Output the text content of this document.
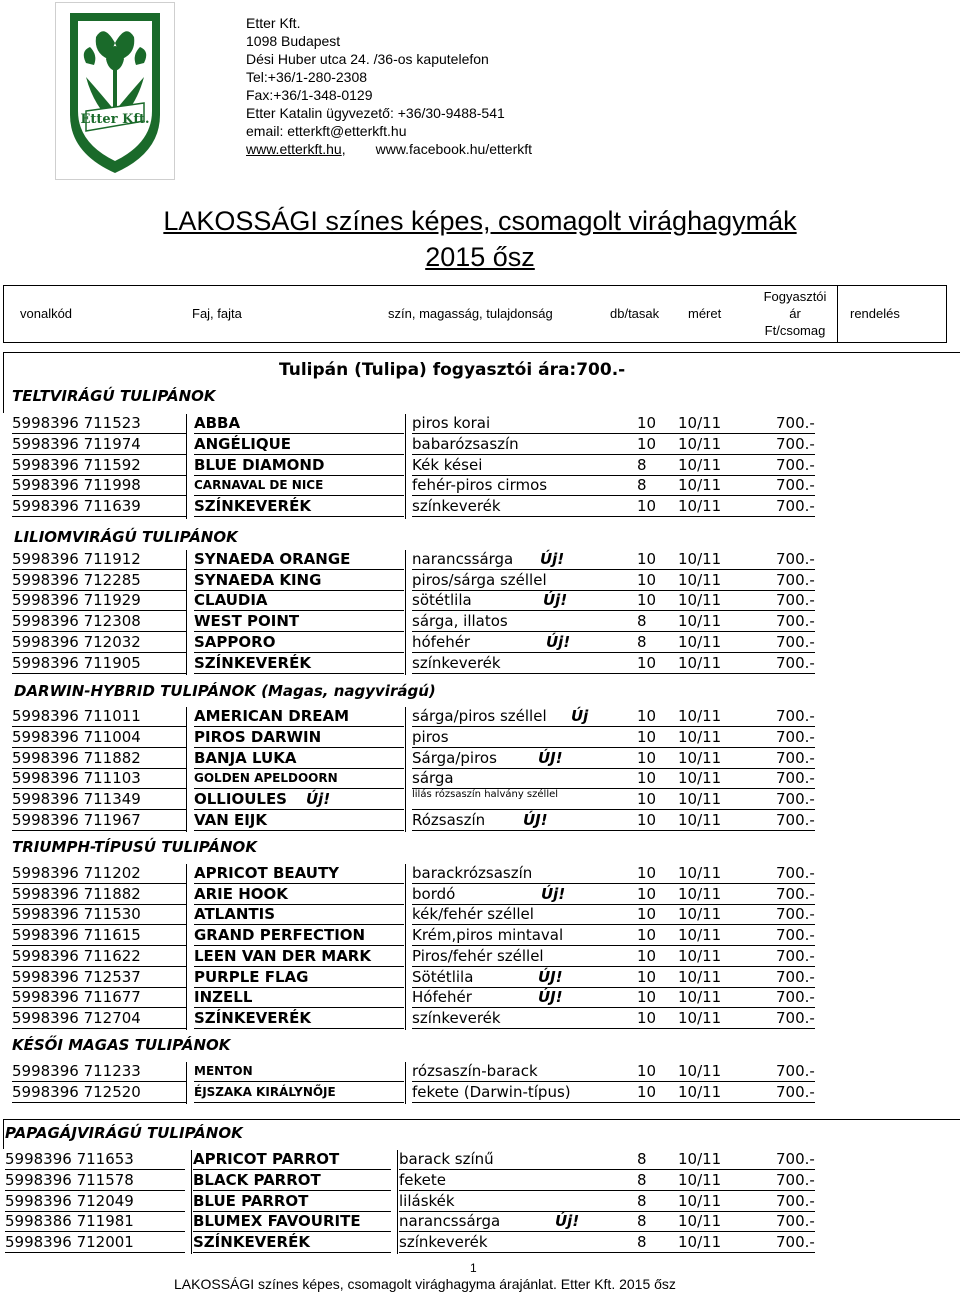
Etter Kft.
Etter Kft.
1098 Budapest
Dési Huber utca 24. /36-os kaputelefon
Tel:+36/1-280-2308
Fax:+36/1-348-0129
Etter Katalin ügyvezető: +36/30-9488-541
email: etterkft@etterkft.hu
www.etterkft.hu, www.facebook.hu/etterkft
LAKOSSÁGI színes képes, csomagolt virághagymák
2015 ősz
vonalkód	Faj, fajta	szín, magasság, tulajdonság	db/tasak méret
Fogyasztói
ár
Ft/csomag
rendelés
Tulipán (Tulipa) fogyasztói ára:700.-
TELTVIRÁGÚ TULIPÁNOK
LILIOMVIRÁGÚ TULIPÁNOK
DARWIN-HYBRID TULIPÁNOK (Magas, nagyvirágú)
TRIUMPH-TÍPUSÚ TULIPÁNOK
KÉSŐI MAGAS TULIPÁNOK
PAPAGÁJVIRÁGÚ TULIPÁNOK
5998396 711523	ABBA	piros korai	10 10/11	700.-
5998396 711974	ANGÉLIQUE	babarózsaszín	10 10/11	700.-
5998396 711592	BLUE DIAMOND	Kék kései	8 10/11	700.-
5998396 711998	CARNAVAL DE NICE	fehér-piros cirmos	8 10/11	700.-
5998396 711639	SZÍNKEVERÉK	színkeverék	10 10/11	700.-
5998396 711912	SYNAEDA ORANGE	narancssárga Új!	10 10/11	700.-
5998396 712285	SYNAEDA KING	piros/sárga széllel	10 10/11	700.-
5998396 711929	CLAUDIA	sötétlila	Új!	10 10/11	700.-
5998396 712308	WEST POINT	sárga, illatos	8 10/11	700.-
5998396 712032	SAPPORO	hófehér	Új!	8 10/11	700.-
5998396 711905	SZÍNKEVERÉK	színkeverék	10 10/11	700.-
5998396 711011	AMERICAN DREAM	sárga/piros széllel Új	10 10/11	700.-
5998396 711004	PIROS DARWIN	piros	10 10/11	700.-
5998396 711882	BANJA LUKA	Sárga/piros	ÚJ!	10 10/11	700.-
5998396 711103	GOLDEN APELDOORN	sárga	10 10/11	700.-
5998396 711349	OLLIOULES Új!	lilás rózsaszín halvány széllel	10 10/11	700.-
5998396 711967	VAN EIJK	Rózsaszín	ÚJ!	10 10/11	700.-
5998396 711202	APRICOT BEAUTY	barackrózsaszín	10 10/11	700.-
5998396 711882	ARIE HOOK	bordó	Új!	10 10/11	700.-
5998396 711530	ATLANTIS	kék/fehér széllel	10 10/11	700.-
5998396 711615	GRAND PERFECTION	Krém,piros mintaval	10 10/11	700.-
5998396 711622	LEEN VAN DER MARK	Piros/fehér széllel	10 10/11	700.-
5998396 712537	PURPLE FLAG	Sötétlila	ÚJ!	10 10/11	700.-
5998396 711677	INZELL	Hófehér	ÚJ!	10 10/11	700.-
5998396 712704	SZÍNKEVERÉK	színkeverék	10 10/11	700.-
5998396 711233	MENTON	rózsaszín-barack	10 10/11	700.-
5998396 712520	ÉJSZAKA KIRÁLYNŐJE	fekete (Darwin-típus)	10 10/11	700.-
5998396 711653	APRICOT PARROT	barack színű	8 10/11	700.-
5998396 711578	BLACK PARROT	fekete	8 10/11	700.-
5998396 712049	BLUE PARROT	liláskék	8 10/11	700.-
5998386 711981	BLUMEX FAVOURITE	narancssárga	Új!	8 10/11	700.-
5998396 712001	SZÍNKEVERÉK	színkeverék	8 10/11	700.-
1
LAKOSSÁGI színes képes, csomagolt virághagyma árajánlat. Etter Kft. 2015 ősz
